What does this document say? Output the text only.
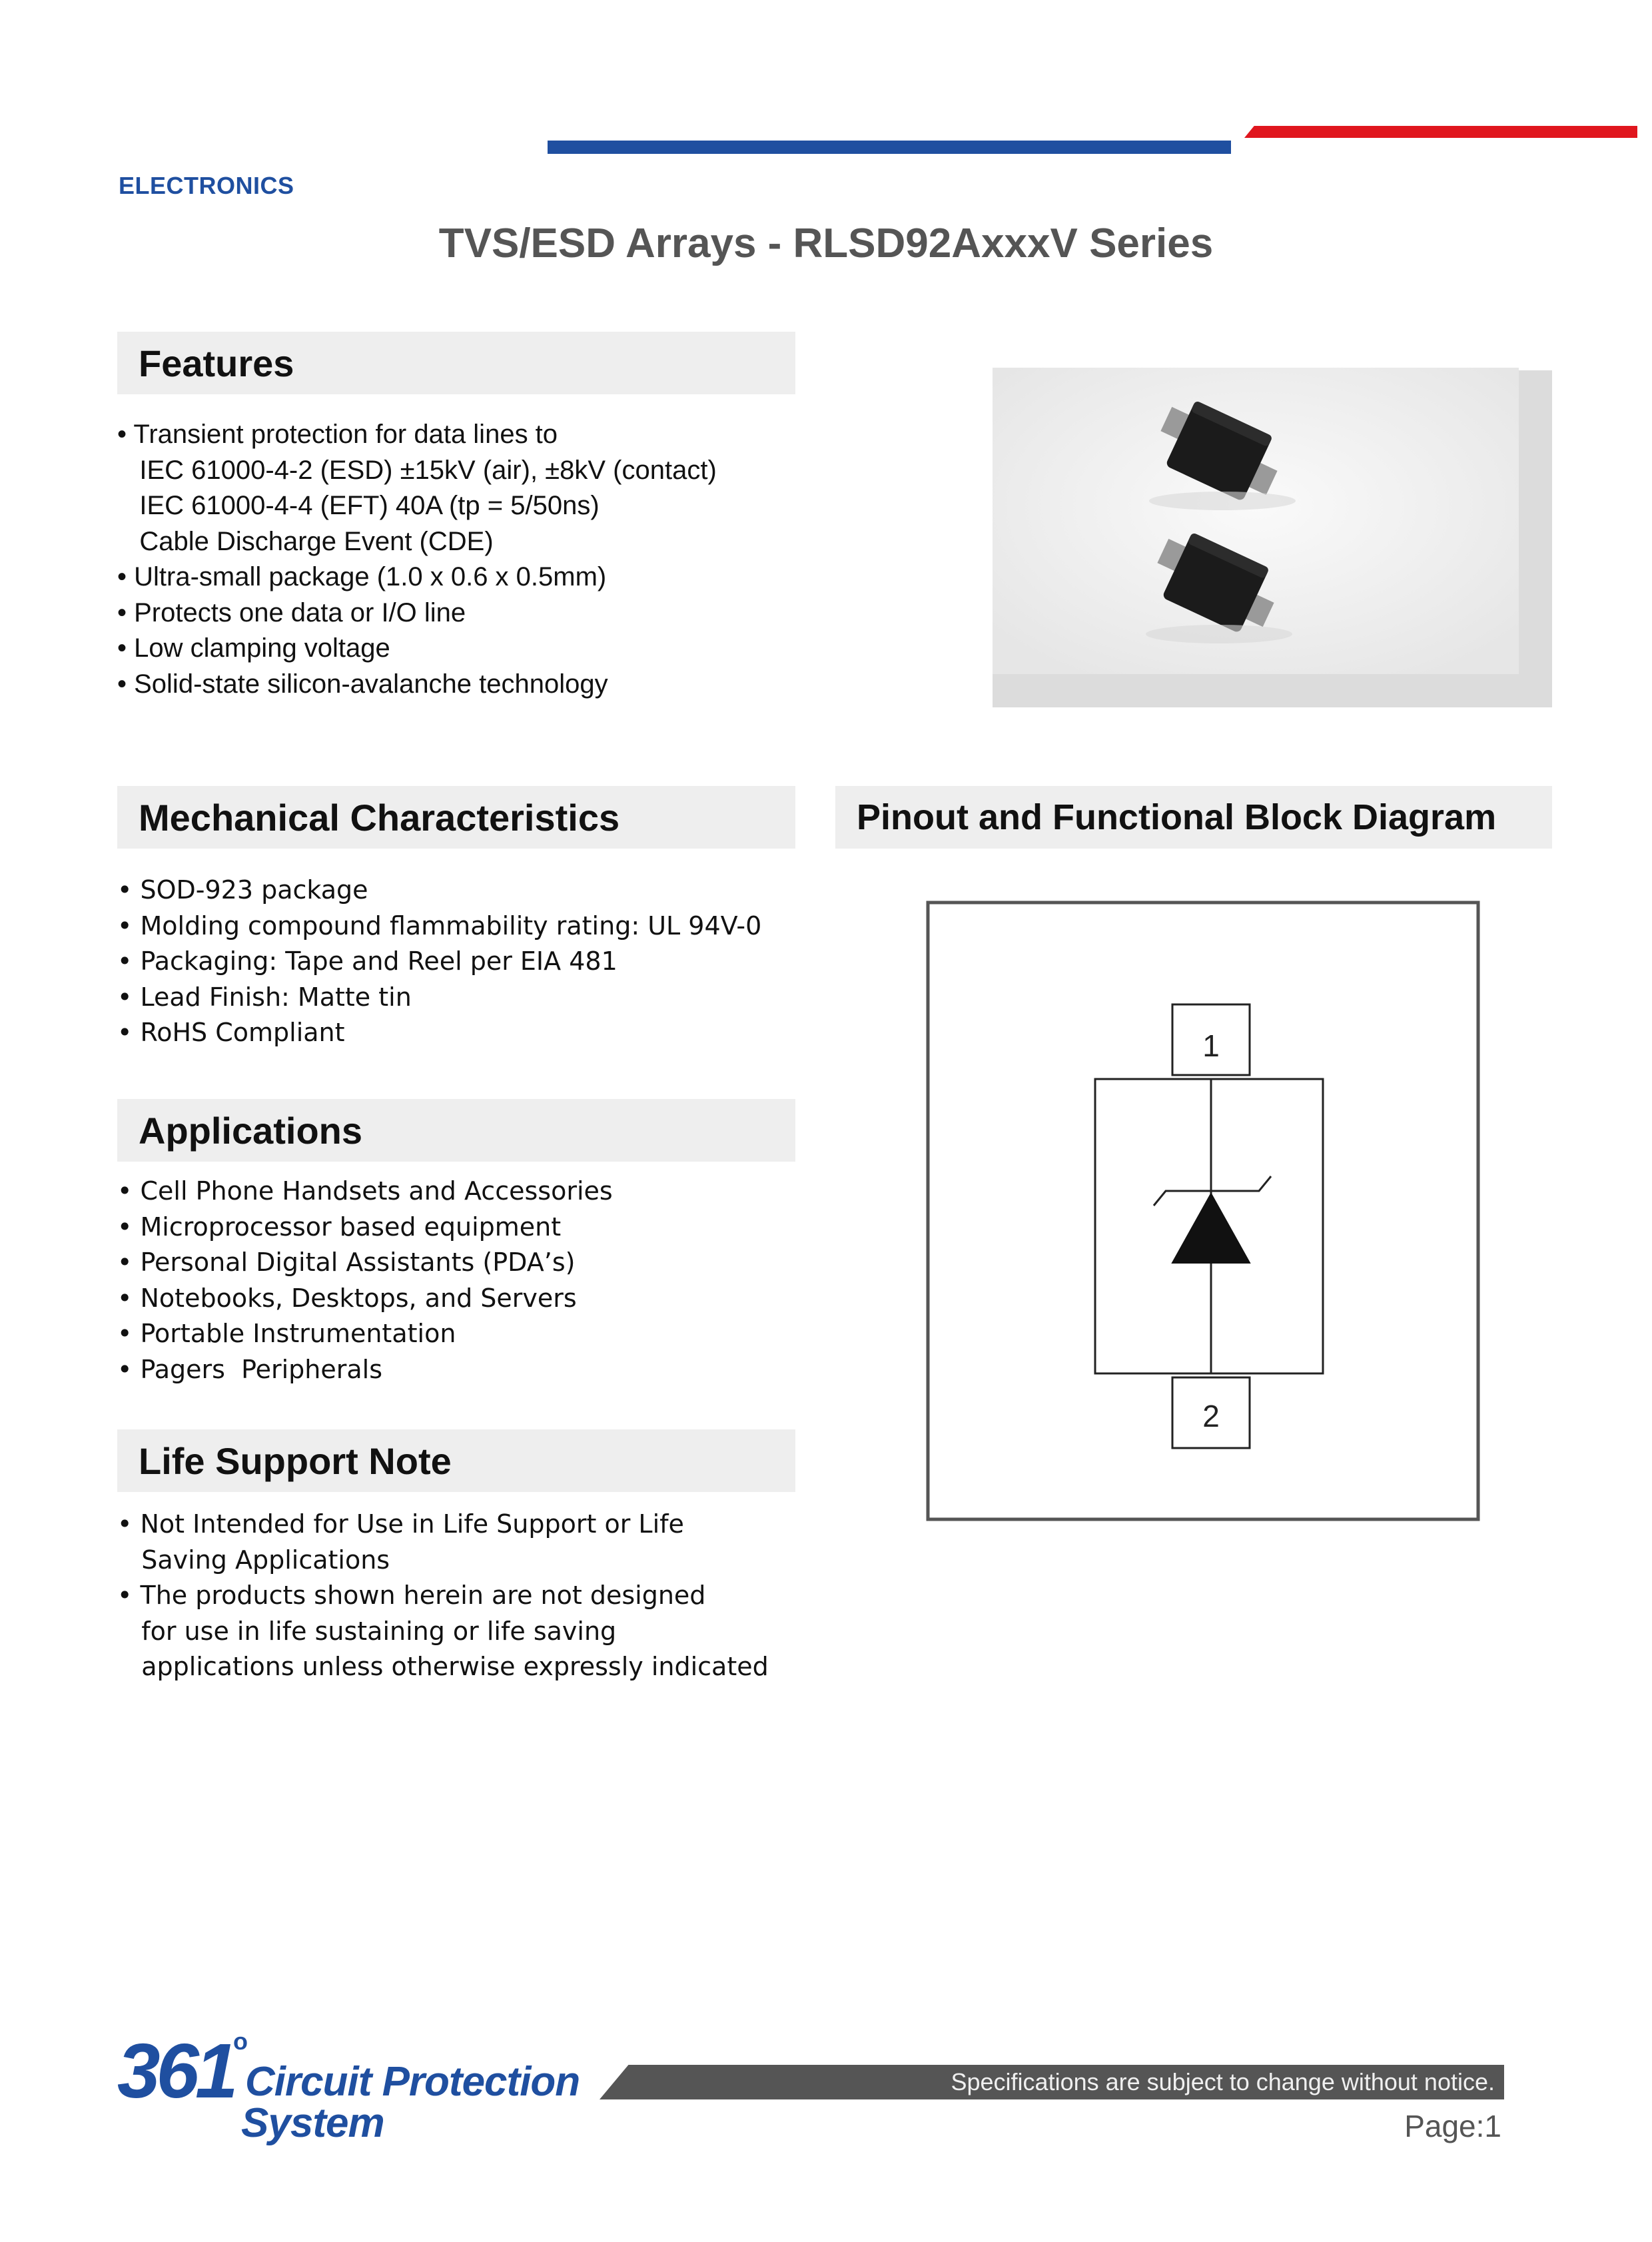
ELECTRONICS
TVS/ESD Arrays - RLSD92AxxxV Series
Features
• Transient protection for data lines to
IEC 61000-4-2 (ESD) ±15kV (air), ±8kV (contact)
IEC 61000-4-4 (EFT) 40A (tp = 5/50ns)
Cable Discharge Event (CDE)
• Ultra-small package (1.0 x 0.6 x 0.5mm)
• Protects one data or I/O line
• Low clamping voltage
• Solid-state silicon-avalanche technology
Mechanical Characteristics
• SOD-923 package
• Molding compound flammability rating: UL 94V-0
• Packaging: Tape and Reel per EIA 481
• Lead Finish: Matte tin
• RoHS Compliant
Pinout and Functional Block Diagram
1
2
Applications
• Cell Phone Handsets and Accessories
• Microprocessor based equipment
• Personal Digital Assistants (PDA’s)
• Notebooks, Desktops, and Servers
• Portable Instrumentation
• Pagers  Peripherals
Life Support Note
• Not Intended for Use in Life Support or Life
Saving Applications
• The products shown herein are not designed
for use in life sustaining or life saving
applications unless otherwise expressly indicated
361
o
Circuit Protection
System
Specifications are subject to change without notice.
Page:1
